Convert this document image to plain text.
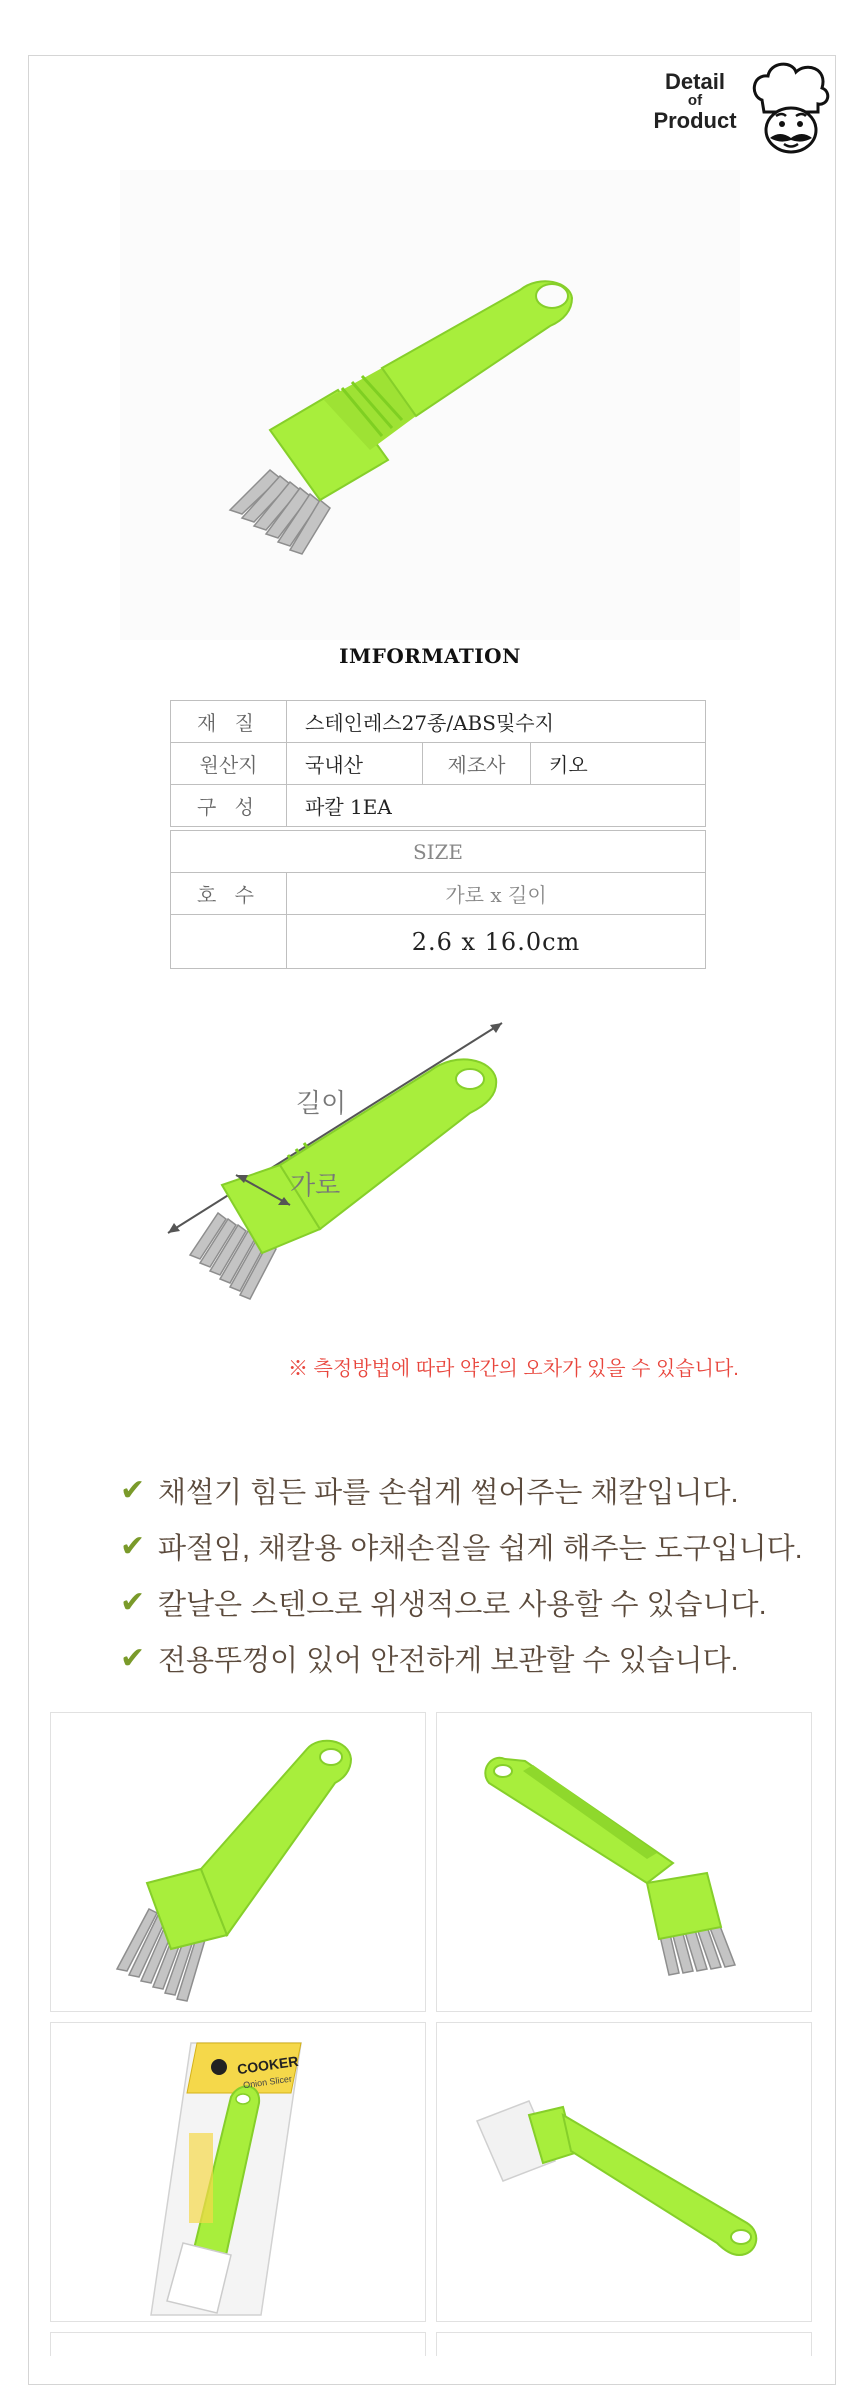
Detail
of
Product
IMFORMATION
재 질	스테인레스27종/ABS및수지		
원산지	국내산	제조사	키오
구 성	파칼 1EA		

SIZE			
호 수	가로 x 길이		
	2.6 x 16.0cm		
길이
가로
※ 측정방법에 따라 약간의 오차가 있을 수 있습니다.
✔ 채썰기 힘든 파를 손쉽게 썰어주는 채칼입니다.
✔ 파절임, 채칼용 야채손질을 쉽게 해주는 도구입니다.
✔ 칼날은 스텐으로 위생적으로 사용할 수 있습니다.
✔ 전용뚜껑이 있어 안전하게 보관할 수 있습니다.
COOKER
Onion Slicer
